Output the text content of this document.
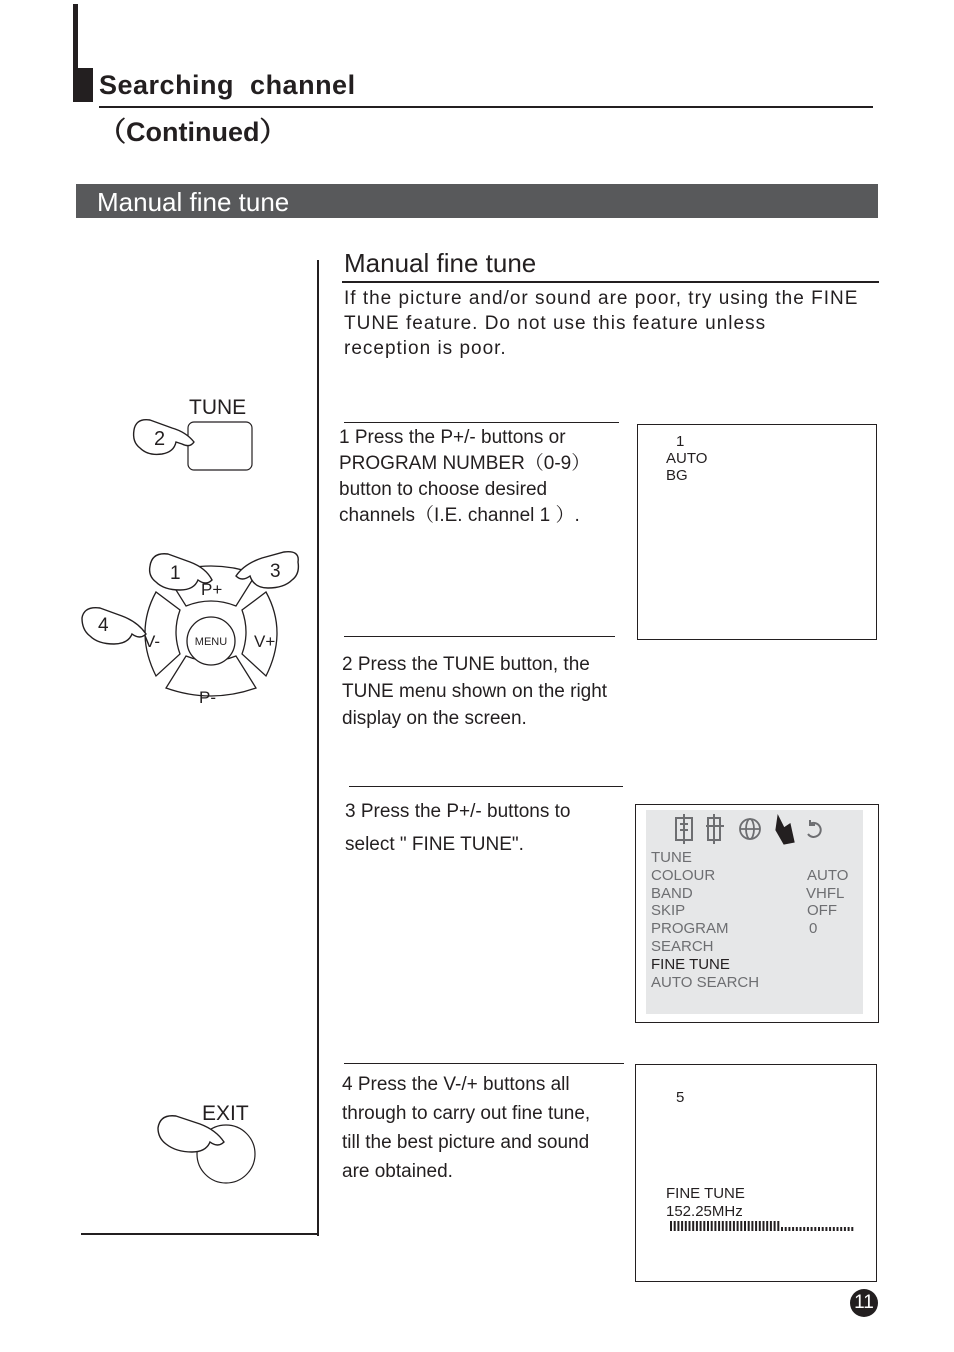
Searching  channel
（Continued）
Manual fine tune
Manual fine tune
If the picture and/or sound are poor, try using the FINE
TUNE feature. Do not use this feature unless
reception is poor.
TUNE
2
MENU
P+
P-
V-	V+
1	3
4
EXIT
1 Press the P+/- buttons or
PROGRAM NUMBER（0-9）
button to choose desired
channels（I.E. channel 1 ）.
1
AUTO
BG
2 Press the TUNE button, the
TUNE menu shown on the right
display on the screen.
3 Press the P+/- buttons to
select " FINE TUNE".
TUNE
COLOUR	AUTO
BAND	VHFL
SKIP	OFF
PROGRAM	0
SEARCH
FINE TUNE
AUTO SEARCH
4 Press the V-/+ buttons all
through to carry out fine tune,
till the best picture and sound
are obtained.
5
FINE TUNE
152.25MHz
11
